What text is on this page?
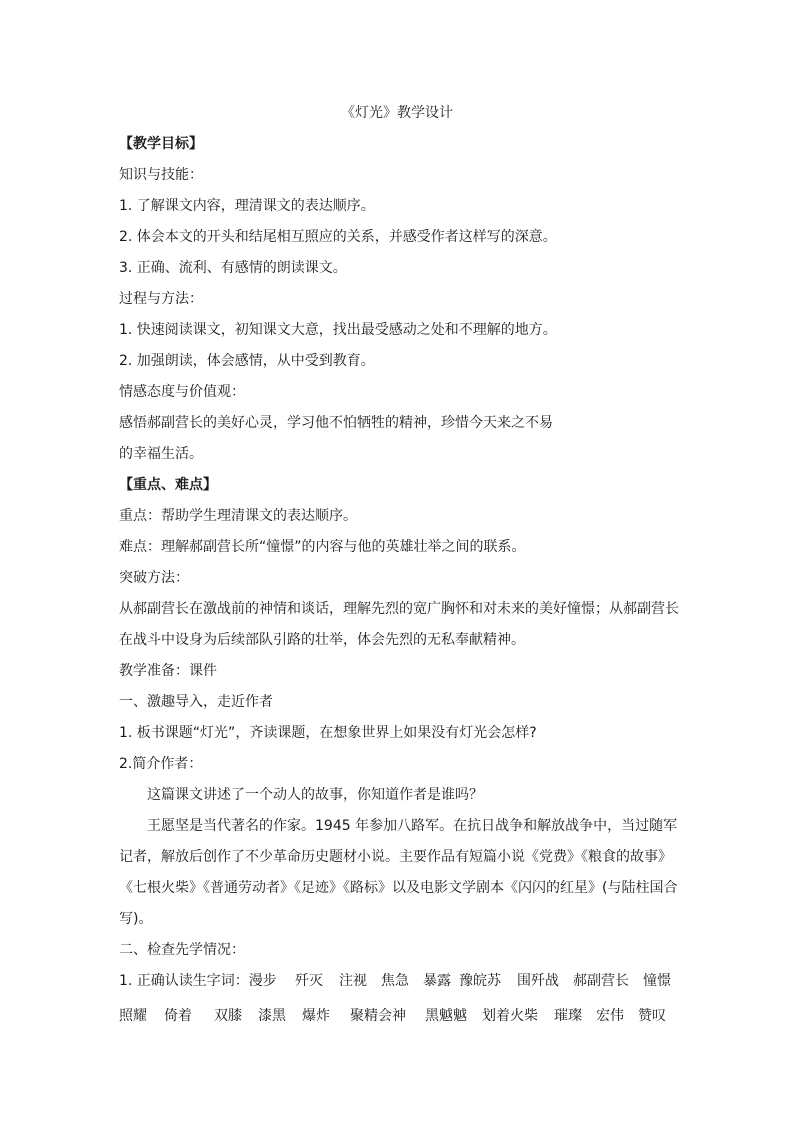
《灯光》教学设计
【教学目标】
知识与技能：
1. 了解课文内容，理清课文的表达顺序。
2. 体会本文的开头和结尾相互照应的关系，并感受作者这样写的深意。
3. 正确、流利、有感情的朗读课文。
过程与方法：
1. 快速阅读课文，初知课文大意，找出最受感动之处和不理解的地方。
2. 加强朗读，体会感情，从中受到教育。
情感态度与价值观：
感悟郝副营长的美好心灵，学习他不怕牺牲的精神，珍惜今天来之不易
的幸福生活。
【重点、难点】
重点：帮助学生理清课文的表达顺序。
难点：理解郝副营长所“憧憬”的内容与他的英雄壮举之间的联系。
突破方法：
从郝副营长在激战前的神情和谈话，理解先烈的宽广胸怀和对未来的美好憧憬；从郝副营长
在战斗中设身为后续部队引路的壮举，体会先烈的无私奉献精神。
教学准备：课件
一、激趣导入，走近作者
1. 板书课题“灯光”，齐读课题，在想象世界上如果没有灯光会怎样?
2.简介作者：
这篇课文讲述了一个动人的故事，你知道作者是谁吗？
王愿坚是当代著名的作家。1945 年参加八路军。在抗日战争和解放战争中，当过随军
记者，解放后创作了不少革命历史题材小说。主要作品有短篇小说《党费》《粮食的故事》
《七根火柴》《普通劳动者》《足迹》《路标》以及电影文学剧本《闪闪的红星》(与陆柱国合
写)。
二、检查先学情况：
1. 正确认读生字词：漫步	歼灭	注视	焦急	暴露 豫皖苏	围歼战	郝副营长	憧憬
照耀	倚着	双膝	漆黑	爆炸	聚精会神	黑魆魆	划着火柴	璀璨	宏伟	赞叹
